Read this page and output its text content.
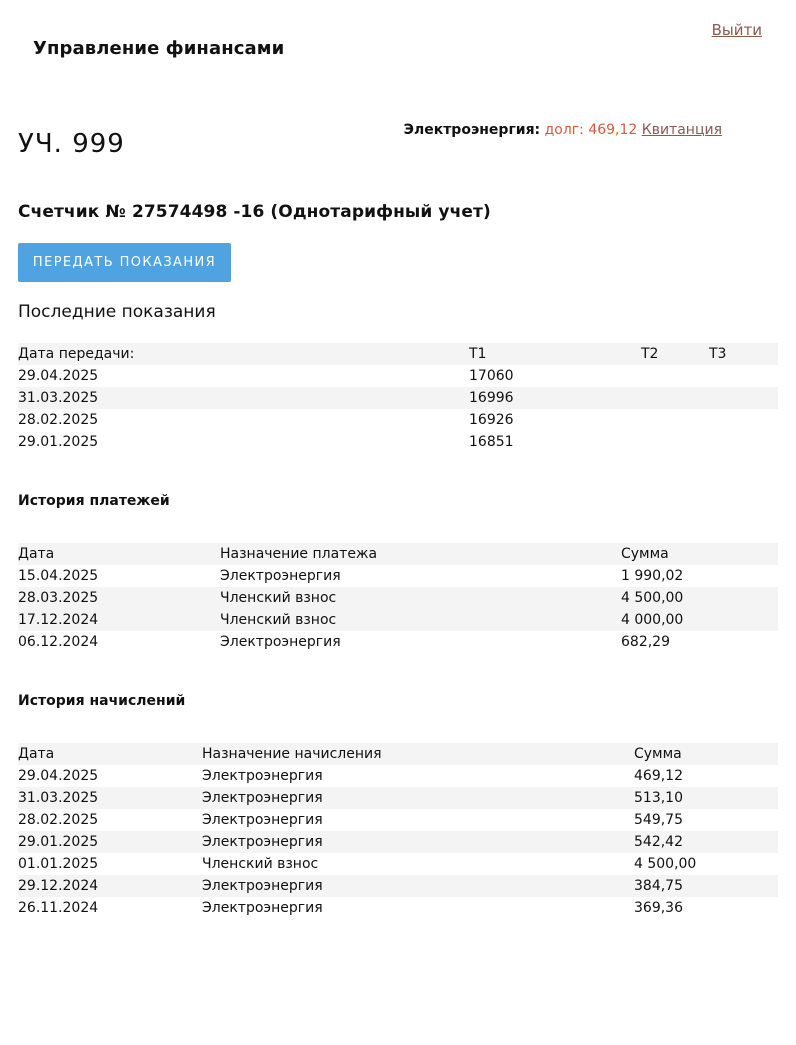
Управление финансами
Выйти
УЧ. 999	Электроэнергия: долг: 469,12 Квитанция
Счетчик № 27574498 -16 (Однотарифный учет)
ПЕРЕДАТЬ ПОКАЗАНИЯ
Последние показания
Дата передачи:	Т1	Т2	Т3
29.04.2025	17060		
31.03.2025	16996		
28.02.2025	16926		
29.01.2025	16851		
История платежей
Дата	Назначение платежа	Сумма
15.04.2025	Электроэнергия	1 990,02
28.03.2025	Членский взнос	4 500,00
17.12.2024	Членский взнос	4 000,00
06.12.2024	Электроэнергия	682,29
История начислений
Дата	Назначение начисления	Сумма
29.04.2025	Электроэнергия	469,12
31.03.2025	Электроэнергия	513,10
28.02.2025	Электроэнергия	549,75
29.01.2025	Электроэнергия	542,42
01.01.2025	Членский взнос	4 500,00
29.12.2024	Электроэнергия	384,75
26.11.2024	Электроэнергия	369,36
